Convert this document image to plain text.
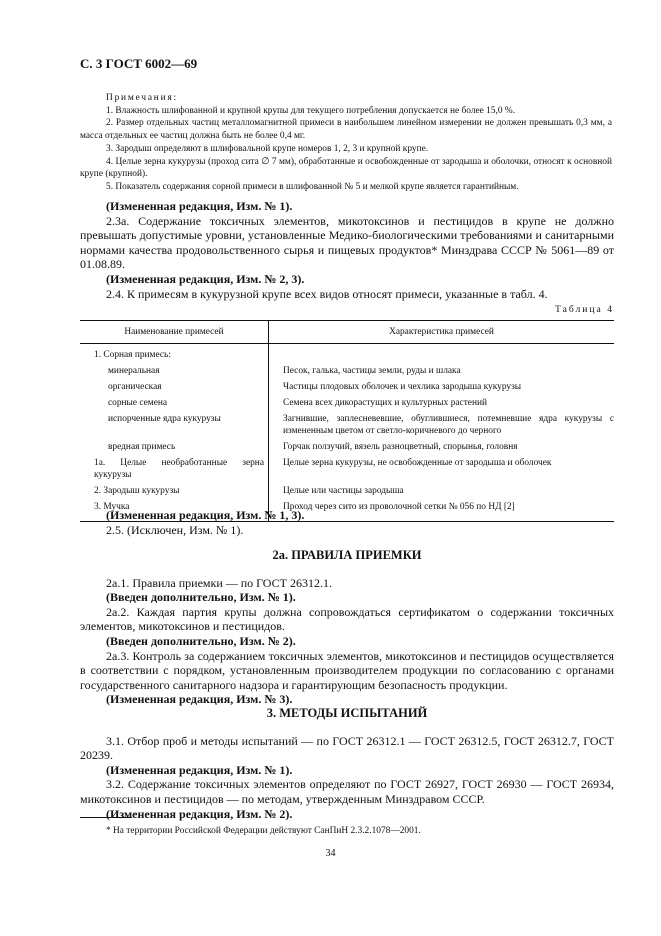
С. 3 ГОСТ 6002—69
Примечания:
1. Влажность шлифованной и крупной крупы для текущего потребления допускается не более 15,0 %.
2. Размер отдельных частиц металломагнитной примеси в наибольшем линейном измерении не должен превышать 0,3 мм, а масса отдельных ее частиц должна быть не более 0,4 мг.
3. Зародыш определяют в шлифовальной крупе номеров 1, 2, 3 и крупной крупе.
4. Целые зерна кукурузы (проход сита ∅ 7 мм), обработанные и освобожденные от зародыша и оболочки, относят к основной крупе (крупной).
5. Показатель содержания сорной примеси в шлифованной № 5 и мелкой крупе является гарантийным.

(Измененная редакция, Изм. № 1).

2.3а. Содержание токсичных элементов, микотоксинов и пестицидов в крупе не должно превышать допустимые уровни, установленные Медико-биологическими требованиями и санитарными нормами качества продовольственного сырья и пищевых продуктов* Минздрава СССР № 5061—89 от 01.08.89.

(Измененная редакция, Изм. № 2, 3).

2.4. К примесям в кукурузной крупе всех видов относят примеси, указанные в табл. 4.

Таблица 4
Наименование примесей	Характеристика примесей
1. Сорная примесь:	
минеральная	Песок, галька, частицы земли, руды и шлака
органическая	Частицы плодовых оболочек и чехлика зародыша кукурузы
сорные семена	Семена всех дикорастущих и культурных растений
испорченные ядра кукурузы	Загнившие, заплесневевшие, обуглившиеся, потемневшие ядра кукурузы с измененным цветом от светло-коричневого до черного
вредная примесь	Горчак ползучий, вязель разноцветный, спорынья, головня
1а. Целые необработанные зерна кукурузы	Целые зерна кукурузы, не освобожденные от зародыша и оболочек
2. Зародыш кукурузы	Целые или частицы зародыша
3. Мучка	Проход через сито из проволочной сетки № 056 по НД [2]

(Измененная редакция, Изм. № 1, 3).

2.5. (Исключен, Изм. № 1).

2а. ПРАВИЛА ПРИЕМКИ

2а.1. Правила приемки — по ГОСТ 26312.1.

(Введен дополнительно, Изм. № 1).

2а.2. Каждая партия крупы должна сопровождаться сертификатом о содержании токсичных элементов, микотоксинов и пестицидов.

(Введен дополнительно, Изм. № 2).

2а.3. Контроль за содержанием токсичных элементов, микотоксинов и пестицидов осуществляется в соответствии с порядком, установленным производителем продукции по согласованию с органами государственного санитарного надзора и гарантирующим безопасность продукции.

(Измененная редакция, Изм. № 3).

3. МЕТОДЫ ИСПЫТАНИЙ

3.1. Отбор проб и методы испытаний — по ГОСТ 26312.1 — ГОСТ 26312.5, ГОСТ 26312.7, ГОСТ 20239.

(Измененная редакция, Изм. № 1).

3.2. Содержание токсичных элементов определяют по ГОСТ 26927, ГОСТ 26930 — ГОСТ 26934, микотоксинов и пестицидов — по методам, утвержденным Минздравом СССР.

(Измененная редакция, Изм. № 2).

* На территории Российской Федерации действуют СанПиН 2.3.2.1078—2001.
34
